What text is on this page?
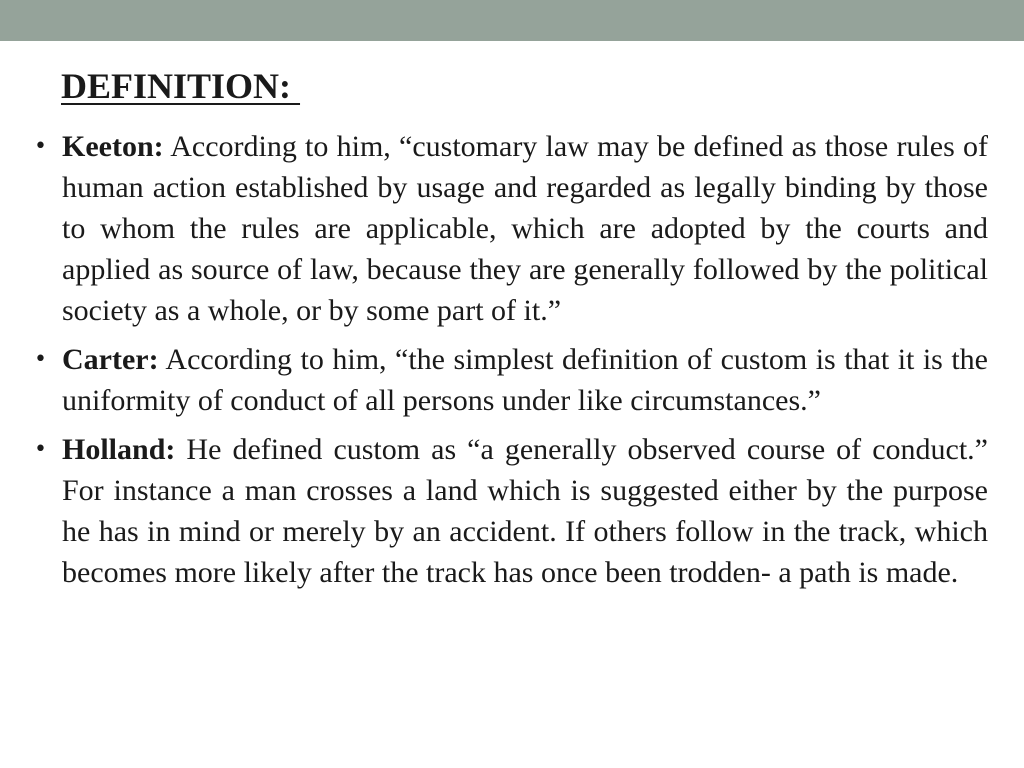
DEFINITION:
• Keeton: According to him, “customary law may be defined as those rules of human action established by usage and regarded as legally binding by those to whom the rules are applicable, which are adopted by the courts and applied as source of law, because they are generally followed by the political society as a whole, or by some part of it.”
• Carter: According to him, “the simplest definition of custom is that it is the uniformity of conduct of all persons under like circumstances.”
• Holland: He defined custom as “a generally observed course of conduct.” For instance a man crosses a land which is suggested either by the purpose he has in mind or merely by an accident. If others follow in the track, which becomes more likely after the track has once been trodden- a path is made.
